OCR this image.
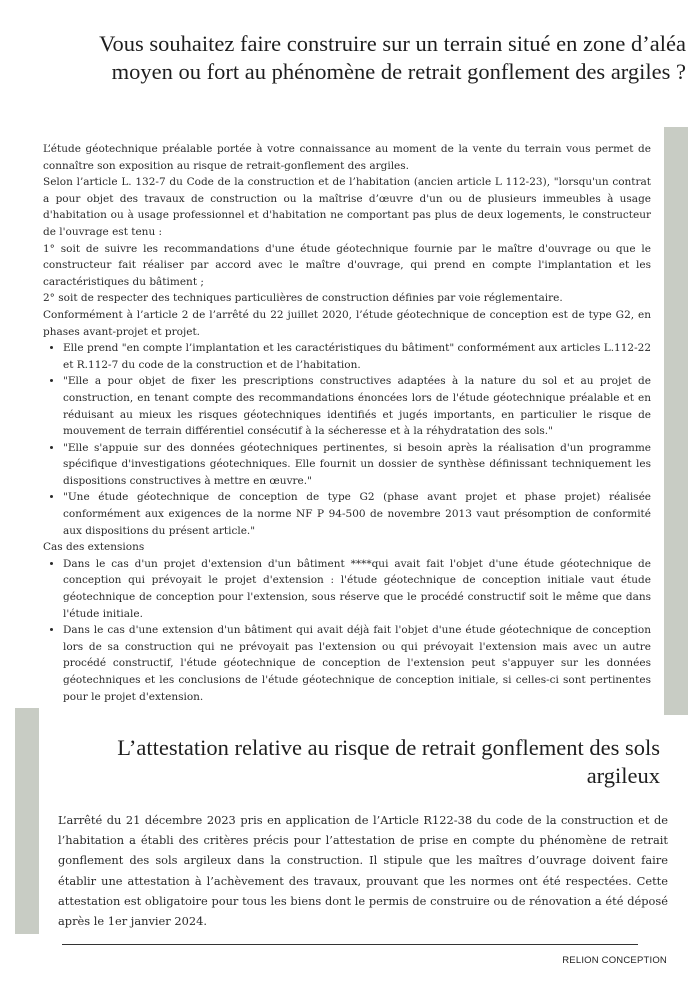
Vous souhaitez faire construire sur un terrain situé en zone d’aléa moyen ou fort au phénomène de retrait gonflement des argiles ?

L’étude géotechnique préalable portée à votre connaissance au moment de la vente du terrain vous permet de connaître son exposition au risque de retrait-gonflement des argiles.

Selon l’article L. 132-7 du Code de la construction et de l’habitation (ancien article L 112-23), "lorsqu'un contrat a pour objet des travaux de construction ou la maîtrise d’œuvre d'un ou de plusieurs immeubles à usage d'habitation ou à usage professionnel et d'habitation ne comportant pas plus de deux logements, le constructeur de l'ouvrage est tenu :

1° soit de suivre les recommandations d'une étude géotechnique fournie par le maître d'ouvrage ou que le constructeur fait réaliser par accord avec le maître d'ouvrage, qui prend en compte l'implantation et les caractéristiques du bâtiment ;

2° soit de respecter des techniques particulières de construction définies par voie réglementaire.

Conformément à l’article 2 de l’arrêté du 22 juillet 2020, l’étude géotechnique de conception est de type G2, en phases avant-projet et projet.

• Elle prend "en compte l’implantation et les caractéristiques du bâtiment" conformément aux articles L.112-22 et R.112-7 du code de la construction et de l’habitation.
• "Elle a pour objet de fixer les prescriptions constructives adaptées à la nature du sol et au projet de construction, en tenant compte des recommandations énoncées lors de l'étude géotechnique préalable et en réduisant au mieux les risques géotechniques identifiés et jugés importants, en particulier le risque de mouvement de terrain différentiel consécutif à la sécheresse et à la réhydratation des sols."
• "Elle s'appuie sur des données géotechniques pertinentes, si besoin après la réalisation d'un programme spécifique d'investigations géotechniques. Elle fournit un dossier de synthèse définissant techniquement les dispositions constructives à mettre en œuvre."
• "Une étude géotechnique de conception de type G2 (phase avant projet et phase projet) réalisée conformément aux exigences de la norme NF P 94-500 de novembre 2013 vaut présomption de conformité aux dispositions du présent article."

Cas des extensions

• Dans le cas d'un projet d'extension d'un bâtiment ****qui avait fait l'objet d'une étude géotechnique de conception qui prévoyait le projet d'extension : l'étude géotechnique de conception initiale vaut étude géotechnique de conception pour l'extension, sous réserve que le procédé constructif soit le même que dans l'étude initiale.
• Dans le cas d'une extension d'un bâtiment qui avait déjà fait l'objet d'une étude géotechnique de conception lors de sa construction qui ne prévoyait pas l'extension ou qui prévoyait l'extension mais avec un autre procédé constructif, l'étude géotechnique de conception de l'extension peut s'appuyer sur les données géotechniques et les conclusions de l'étude géotechnique de conception initiale, si celles-ci sont pertinentes pour le projet d'extension.
L’attestation relative au risque de retrait gonflement des sols argileux

L’arrêté du 21 décembre 2023 pris en application de l’Article R122-38 du code de la construction et de l’habitation a établi des critères précis pour l’attestation de prise en compte du phénomène de retrait gonflement des sols argileux dans la construction. Il stipule que les maîtres d’ouvrage doivent faire établir une attestation à l’achèvement des travaux, prouvant que les normes ont été respectées. Cette attestation est obligatoire pour tous les biens dont le permis de construire ou de rénovation a été déposé après le 1er janvier 2024.

RELION CONCEPTION
